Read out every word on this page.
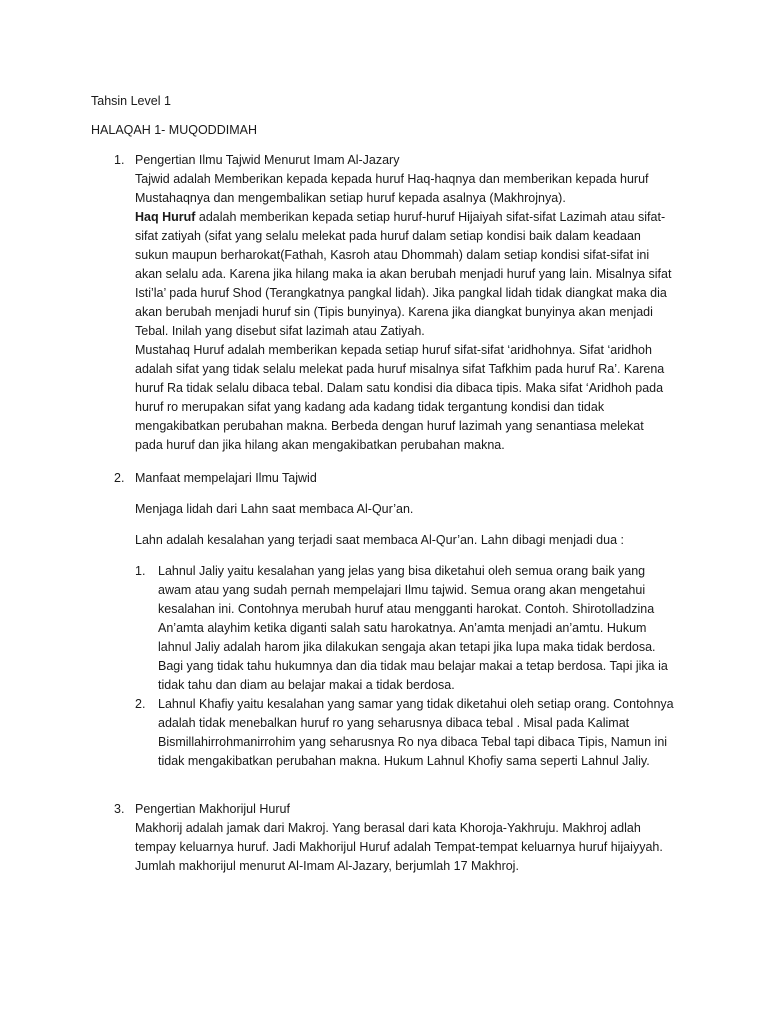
Tahsin Level 1
HALAQAH 1- MUQODDIMAH
1. Pengertian Ilmu Tajwid Menurut Imam Al-Jazary

Tajwid adalah Memberikan kepada kepada huruf Haq-haqnya dan memberikan kepada huruf Mustahaqnya dan mengembalikan setiap huruf kepada asalnya (Makhrojnya).

Haq Huruf adalah memberikan kepada setiap huruf-huruf Hijaiyah sifat-sifat Lazimah atau sifat-sifat zatiyah (sifat yang selalu melekat pada huruf dalam setiap kondisi baik dalam keadaan sukun maupun berharokat(Fathah, Kasroh atau Dhommah) dalam setiap kondisi sifat-sifat ini akan selalu ada. Karena jika hilang maka ia akan berubah menjadi huruf yang lain. Misalnya sifat Isti’la’ pada huruf Shod (Terangkatnya pangkal lidah). Jika pangkal lidah tidak diangkat maka dia akan berubah menjadi huruf sin (Tipis bunyinya). Karena jika diangkat bunyinya akan menjadi Tebal. Inilah yang disebut sifat lazimah atau Zatiyah.

Mustahaq Huruf adalah memberikan kepada setiap huruf sifat-sifat ‘aridhohnya. Sifat ‘aridhoh adalah sifat yang tidak selalu melekat pada huruf misalnya sifat Tafkhim pada huruf Ra’. Karena huruf Ra tidak selalu dibaca tebal. Dalam satu kondisi dia dibaca tipis. Maka sifat ‘Aridhoh pada huruf ro merupakan sifat yang kadang ada kadang tidak tergantung kondisi dan tidak mengakibatkan perubahan makna. Berbeda dengan huruf lazimah yang senantiasa melekat pada huruf dan jika hilang akan mengakibatkan perubahan makna.

2. Manfaat mempelajari Ilmu Tajwid

Menjaga lidah dari Lahn saat membaca Al-Qur’an.

Lahn adalah kesalahan yang terjadi saat membaca Al-Qur’an. Lahn dibagi menjadi dua :

1. Lahnul Jaliy yaitu kesalahan yang jelas yang bisa diketahui oleh semua orang baik yang awam atau yang sudah pernah mempelajari Ilmu tajwid. Semua orang akan mengetahui kesalahan ini. Contohnya merubah huruf atau mengganti harokat. Contoh. Shirotolladzina An’amta alayhim ketika diganti salah satu harokatnya. An’amta menjadi an’amtu. Hukum lahnul Jaliy adalah harom jika dilakukan sengaja akan tetapi jika lupa maka tidak berdosa. Bagi yang tidak tahu hukumnya dan dia tidak mau belajar makai a tetap berdosa. Tapi jika ia tidak tahu dan diam au belajar makai a tidak berdosa.

2. Lahnul Khafiy yaitu kesalahan yang samar yang tidak diketahui oleh setiap orang. Contohnya adalah tidak menebalkan huruf ro yang seharusnya dibaca tebal . Misal pada Kalimat Bismillahirrohmanirrohim yang seharusnya Ro nya dibaca Tebal tapi dibaca Tipis, Namun ini tidak mengakibatkan perubahan makna. Hukum Lahnul Khofiy sama seperti Lahnul Jaliy.

3. Pengertian Makhorijul Huruf

Makhorij adalah jamak dari Makroj. Yang berasal dari kata Khoroja-Yakhruju. Makhroj adlah tempay keluarnya huruf. Jadi Makhorijul Huruf adalah Tempat-tempat keluarnya huruf hijaiyyah. Jumlah makhorijul menurut Al-Imam Al-Jazary, berjumlah 17 Makhroj.
